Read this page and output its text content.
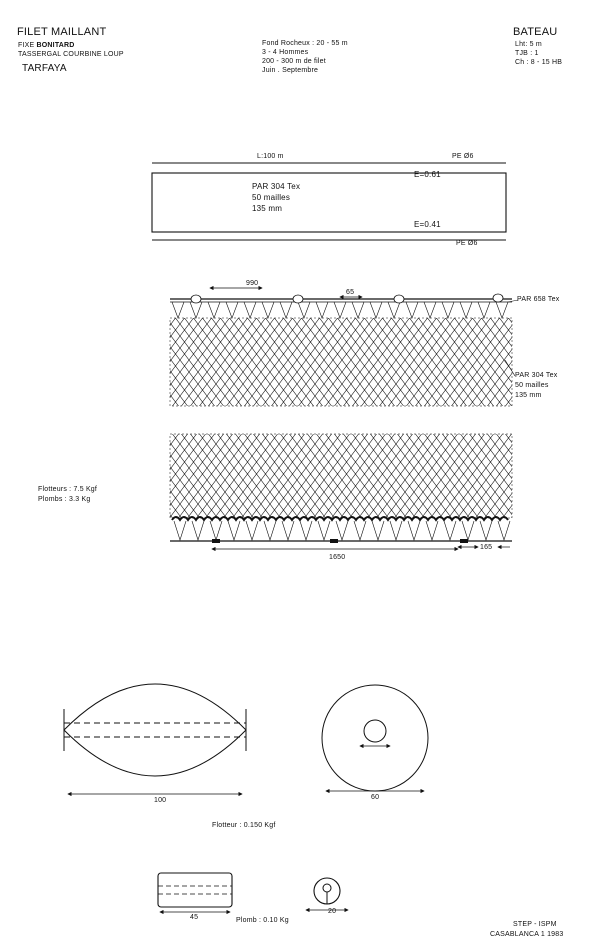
FILET MAILLANT
FIXE BONITARD
TASSERGAL COURBINE LOUP
TARFAYA
Fond Rocheux : 20 - 55 m
3 - 4 Hommes
200 - 300 m de filet
Juin . Septembre
BATEAU
Lht: 5 m
TJB : 1
Ch : 8 - 15 HB
L:100 m	PE Ø6
PAR 304 Tex
50 mailles
135 mm
E=0.61
E=0.41
PE Ø6
990
65
PAR 658 Tex
PAR 304 Tex
50 mailles
135 mm
Flotteurs : 7.5 Kgf
Plombs : 3.3 Kg
1650
165
100	60
Flotteur : 0.150 Kgf
45	Plomb : 0.10 Kg
20
STEP - ISPM
CASABLANCA 1 1983
